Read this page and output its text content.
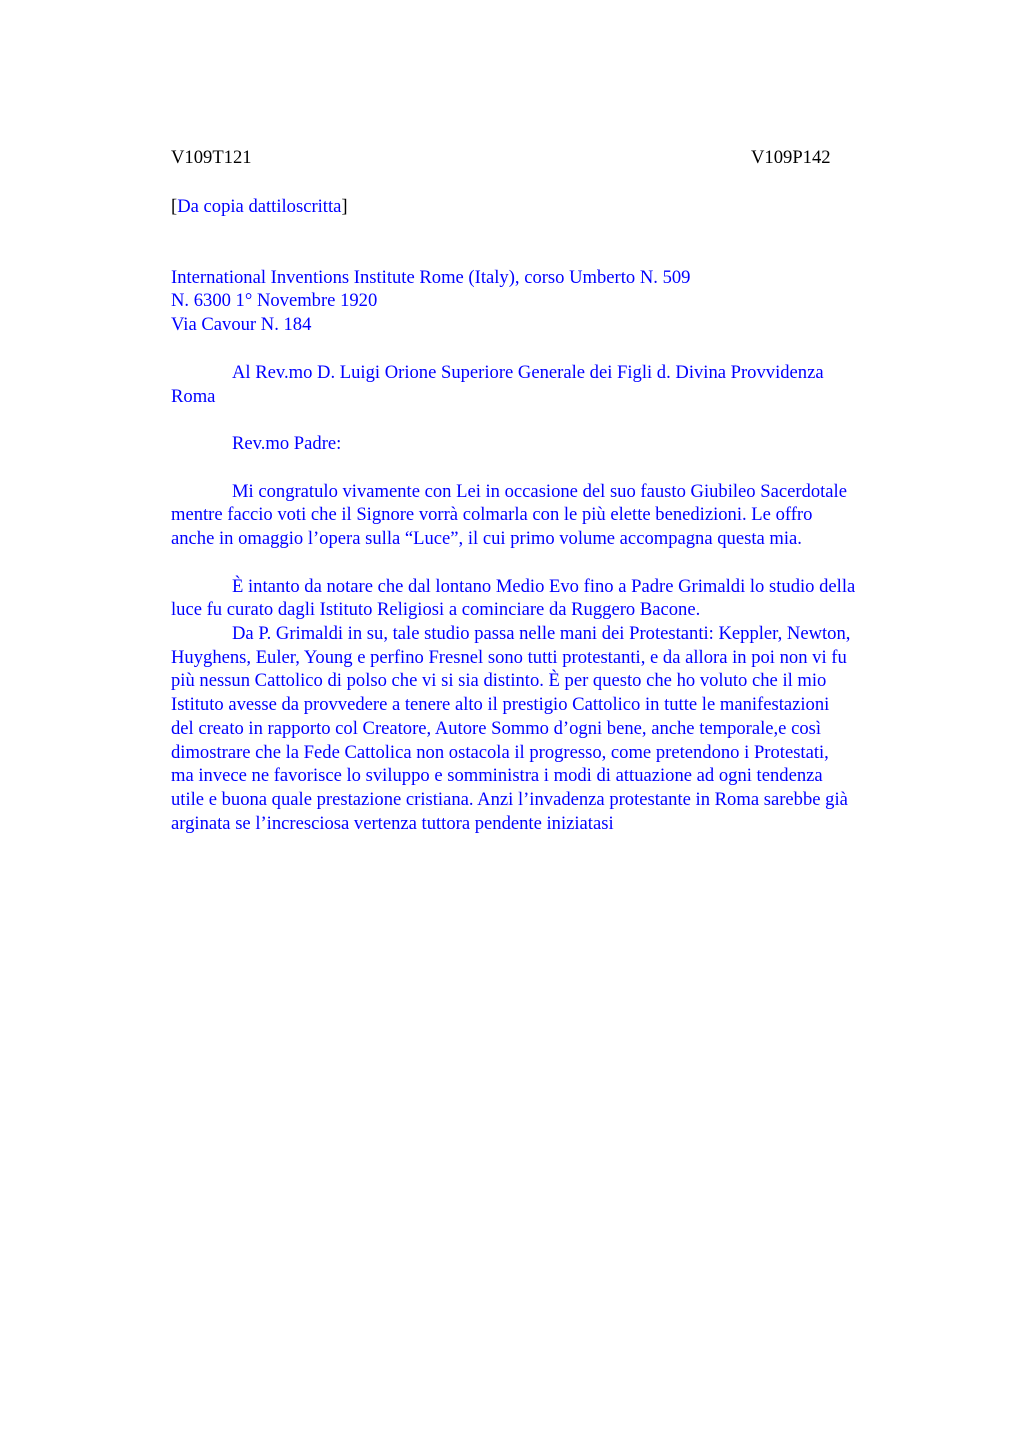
V109T121	V109P142
[Da copia dattiloscritta]
International Inventions Institute Rome (Italy), corso Umberto N. 509
N. 6300 1° Novembre 1920
Via Cavour N. 184
Al Rev.mo D. Luigi Orione Superiore Generale dei Figli d. Divina Provvidenza
Roma
Rev.mo Padre:
Mi congratulo vivamente con Lei in occasione del suo fausto Giubileo Sacerdotale
mentre faccio voti che il Signore vorrà colmarla con le più elette benedizioni. Le offro
anche in omaggio l’opera sulla “Luce”, il cui primo volume accompagna questa mia.
È intanto da notare che dal lontano Medio Evo fino a Padre Grimaldi lo studio della
luce fu curato dagli Istituto Religiosi a cominciare da Ruggero Bacone.
Da P. Grimaldi in su, tale studio passa nelle mani dei Protestanti: Keppler, Newton,
Huyghens, Euler, Young e perfino Fresnel sono tutti protestanti, e da allora in poi non vi fu
più nessun Cattolico di polso che vi si sia distinto. È per questo che ho voluto che il mio
Istituto avesse da provvedere a tenere alto il prestigio Cattolico in tutte le manifestazioni
del creato in rapporto col Creatore, Autore Sommo d’ogni bene, anche temporale,e così
dimostrare che la Fede Cattolica non ostacola il progresso, come pretendono i Protestati,
ma invece ne favorisce lo sviluppo e somministra i modi di attuazione ad ogni tendenza
utile e buona quale prestazione cristiana. Anzi l’invadenza protestante in Roma sarebbe già
arginata se l’incresciosa vertenza tuttora pendente iniziatasi
